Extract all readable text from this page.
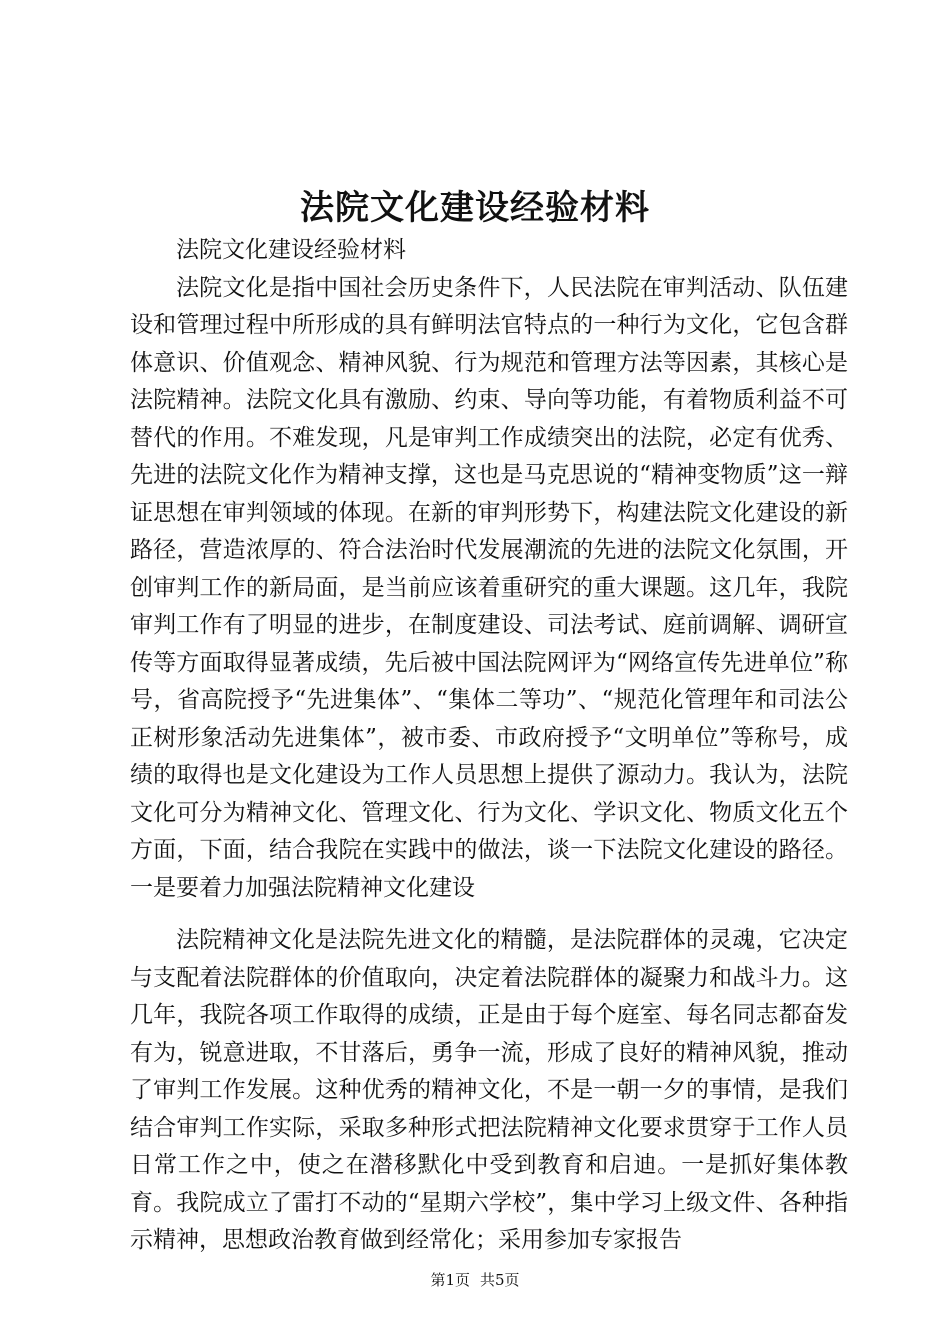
法院文化建设经验材料

法院文化建设经验材料

法院文化是指中国社会历史条件下，人民法院在审判活动、队伍建设和管理过程中所形成的具有鲜明法官特点的一种行为文化，它包含群体意识、价值观念、精神风貌、行为规范和管理方法等因素，其核心是法院精神。法院文化具有激励、约束、导向等功能，有着物质利益不可替代的作用。不难发现，凡是审判工作成绩突出的法院，必定有优秀、先进的法院文化作为精神支撑，这也是马克思说的“精神变物质”这一辩证思想在审判领域的体现。在新的审判形势下，构建法院文化建设的新路径，营造浓厚的、符合法治时代发展潮流的先进的法院文化氛围，开创审判工作的新局面，是当前应该着重研究的重大课题。这几年，我院审判工作有了明显的进步，在制度建设、司法考试、庭前调解、调研宣传等方面取得显著成绩，先后被中国法院网评为“网络宣传先进单位”称号，省高院授予“先进集体”、“集体二等功”、“规范化管理年和司法公正树形象活动先进集体”，被市委、市政府授予“文明单位”等称号，成绩的取得也是文化建设为工作人员思想上提供了源动力。我认为，法院文化可分为精神文化、管理文化、行为文化、学识文化、物质文化五个方面，下面，结合我院在实践中的做法，谈一下法院文化建设的路径。一是要着力加强法院精神文化建设

法院精神文化是法院先进文化的精髓，是法院群体的灵魂，它决定与支配着法院群体的价值取向，决定着法院群体的凝聚力和战斗力。这几年，我院各项工作取得的成绩，正是由于每个庭室、每名同志都奋发有为，锐意进取，不甘落后，勇争一流，形成了良好的精神风貌，推动了审判工作发展。这种优秀的精神文化，不是一朝一夕的事情，是我们结合审判工作实际，采取多种形式把法院精神文化要求贯穿于工作人员日常工作之中，使之在潜移默化中受到教育和启迪。一是抓好集体教育。我院成立了雷打不动的“星期六学校”，集中学习上级文件、各种指示精神，思想政治教育做到经常化；采用参加专家报告

第1页 共5页
